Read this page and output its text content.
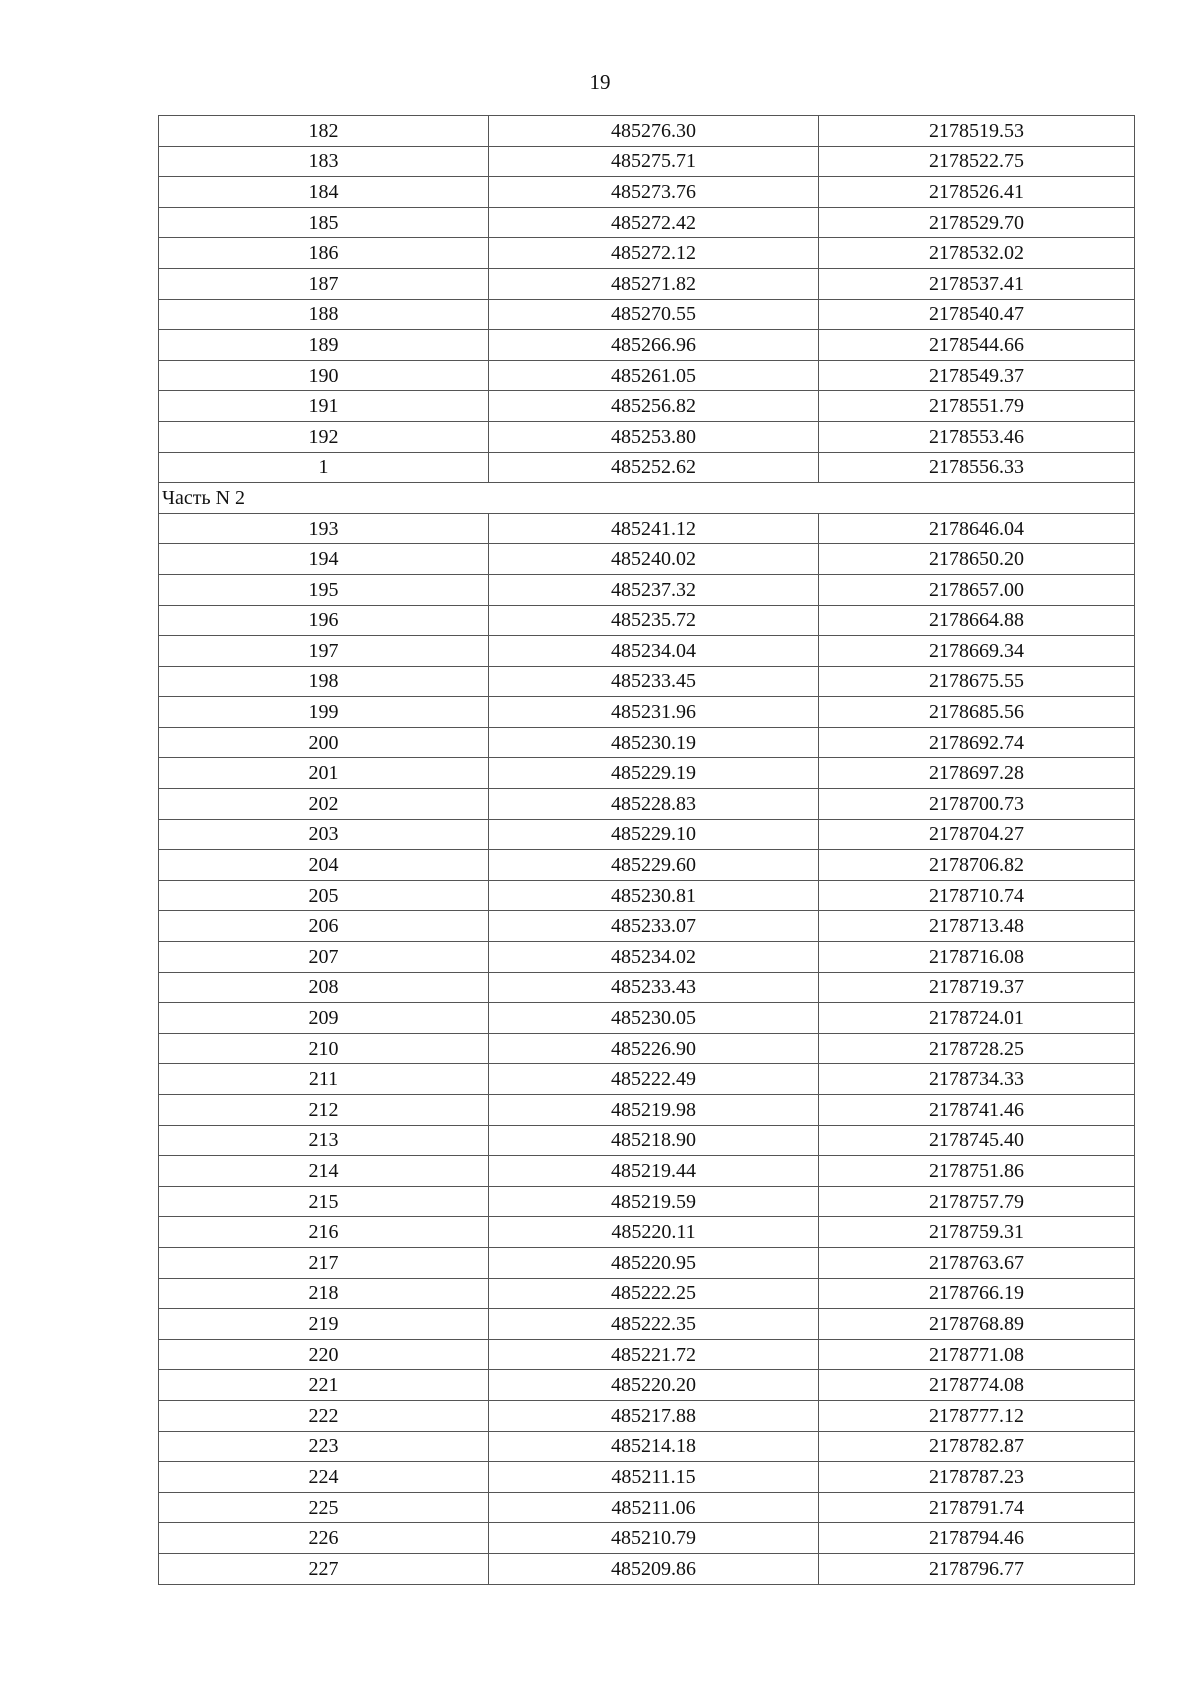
19
182	485276.30	2178519.53
183	485275.71	2178522.75
184	485273.76	2178526.41
185	485272.42	2178529.70
186	485272.12	2178532.02
187	485271.82	2178537.41
188	485270.55	2178540.47
189	485266.96	2178544.66
190	485261.05	2178549.37
191	485256.82	2178551.79
192	485253.80	2178553.46
1	485252.62	2178556.33
Часть N 2		
193	485241.12	2178646.04
194	485240.02	2178650.20
195	485237.32	2178657.00
196	485235.72	2178664.88
197	485234.04	2178669.34
198	485233.45	2178675.55
199	485231.96	2178685.56
200	485230.19	2178692.74
201	485229.19	2178697.28
202	485228.83	2178700.73
203	485229.10	2178704.27
204	485229.60	2178706.82
205	485230.81	2178710.74
206	485233.07	2178713.48
207	485234.02	2178716.08
208	485233.43	2178719.37
209	485230.05	2178724.01
210	485226.90	2178728.25
211	485222.49	2178734.33
212	485219.98	2178741.46
213	485218.90	2178745.40
214	485219.44	2178751.86
215	485219.59	2178757.79
216	485220.11	2178759.31
217	485220.95	2178763.67
218	485222.25	2178766.19
219	485222.35	2178768.89
220	485221.72	2178771.08
221	485220.20	2178774.08
222	485217.88	2178777.12
223	485214.18	2178782.87
224	485211.15	2178787.23
225	485211.06	2178791.74
226	485210.79	2178794.46
227	485209.86	2178796.77
